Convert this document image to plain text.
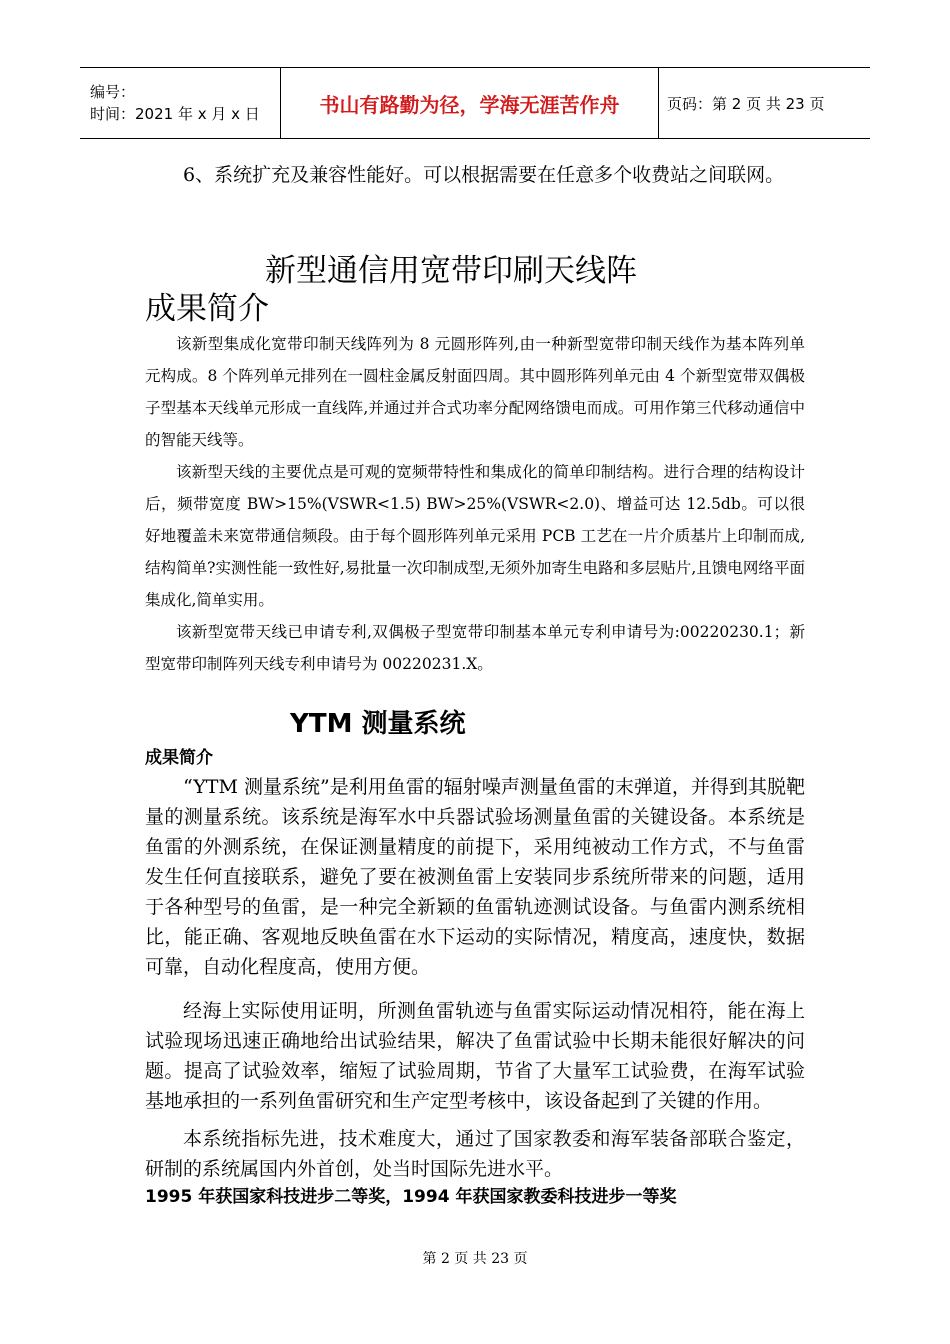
编号：
时间：2021 年 x 月 x 日	书山有路勤为径，学海无涯苦作舟	页码：第 2 页 共 23 页

6、系统扩充及兼容性能好。可以根据需要在任意多个收费站之间联网。

新型通信用宽带印刷天线阵
成果简介

该新型集成化宽带印制天线阵列为 8 元圆形阵列,由一种新型宽带印制天线作为基本阵列单元构成。8 个阵列单元排列在一圆柱金属反射面四周。其中圆形阵列单元由 4 个新型宽带双偶极子型基本天线单元形成一直线阵,并通过并合式功率分配网络馈电而成。可用作第三代移动通信中的智能天线等。

该新型天线的主要优点是可观的宽频带特性和集成化的简单印制结构。进行合理的结构设计后，频带宽度 BW>15%(VSWR<1.5) BW>25%(VSWR<2.0)、增益可达 12.5db。可以很好地覆盖未来宽带通信频段。由于每个圆形阵列单元采用 PCB 工艺在一片介质基片上印制而成,结构简单?实测性能一致性好,易批量一次印制成型,无须外加寄生电路和多层贴片,且馈电网络平面集成化,简单实用。

该新型宽带天线已申请专利,双偶极子型宽带印制基本单元专利申请号为:00220230.1；新型宽带印制阵列天线专利申请号为 00220231.X。

YTM 测量系统
成果简介

“YTM 测量系统”是利用鱼雷的辐射噪声测量鱼雷的末弹道，并得到其脱靶量的测量系统。该系统是海军水中兵器试验场测量鱼雷的关键设备。本系统是鱼雷的外测系统，在保证测量精度的前提下，采用纯被动工作方式，不与鱼雷发生任何直接联系，避免了要在被测鱼雷上安装同步系统所带来的问题，适用于各种型号的鱼雷，是一种完全新颖的鱼雷轨迹测试设备。与鱼雷内测系统相比，能正确、客观地反映鱼雷在水下运动的实际情况，精度高，速度快，数据可靠，自动化程度高，使用方便。

经海上实际使用证明，所测鱼雷轨迹与鱼雷实际运动情况相符，能在海上试验现场迅速正确地给出试验结果，解决了鱼雷试验中长期未能很好解决的问题。提高了试验效率，缩短了试验周期，节省了大量军工试验费，在海军试验基地承担的一系列鱼雷研究和生产定型考核中，该设备起到了关键的作用。

本系统指标先进，技术难度大，通过了国家教委和海军装备部联合鉴定，研制的系统属国内外首创，处当时国际先进水平。

1995 年获国家科技进步二等奖，1994 年获国家教委科技进步一等奖
第 2 页 共 23 页
